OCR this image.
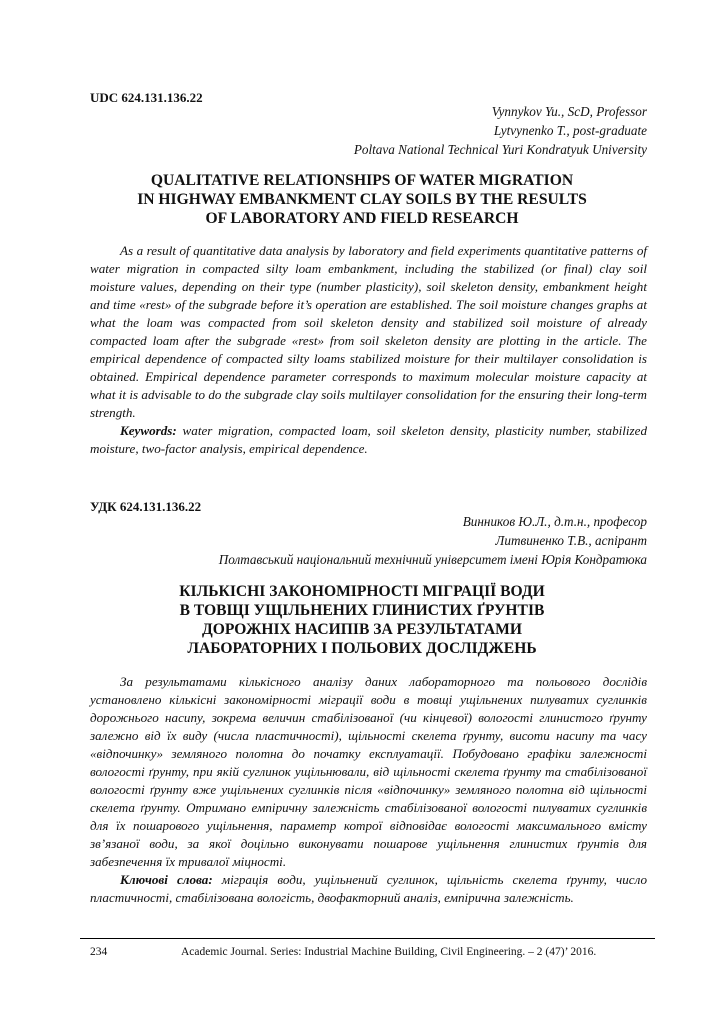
UDC 624.131.136.22
Vynnykov Yu., ScD, Professor
Lytvynenko T., post-graduate
Poltava National Technical Yuri Kondratyuk University
QUALITATIVE RELATIONSHIPS OF WATER MIGRATION
IN HIGHWAY EMBANKMENT CLAY SOILS BY THE RESULTS
OF LABORATORY AND FIELD RESEARCH

As a result of quantitative data analysis by laboratory and field experiments quantitative patterns of water migration in compacted silty loam embankment, including the stabilized (or final) clay soil moisture values, depending on their type (number plasticity), soil skeleton density, embankment height and time «rest» of the subgrade before it’s operation are established. The soil moisture changes graphs at what the loam was compacted from soil skeleton density and stabilized soil moisture of already compacted loam after the subgrade «rest» from soil skeleton density are plotting in the article. The empirical dependence of compacted silty loams stabilized moisture for their multilayer consolidation is obtained. Empirical dependence parameter corresponds to maximum molecular moisture capacity at what it is advisable to do the subgrade clay soils multilayer consolidation for the ensuring their long-term strength.

Keywords: water migration, compacted loam, soil skeleton density, plasticity number, stabilized moisture, two-factor analysis, empirical dependence.

УДК 624.131.136.22
Винников Ю.Л., д.т.н., професор
Литвиненко Т.В., аспірант
Полтавський національний технічний університет імені Юрія Кондратюка
КІЛЬКІСНІ ЗАКОНОМІРНОСТІ МІГРАЦІЇ ВОДИ
В ТОВЩІ УЩІЛЬНЕНИХ ГЛИНИСТИХ ҐРУНТІВ
ДОРОЖНІХ НАСИПІВ ЗА РЕЗУЛЬТАТАМИ
ЛАБОРАТОРНИХ І ПОЛЬОВИХ ДОСЛІДЖЕНЬ

За результатами кількісного аналізу даних лабораторного та польового дослідів установлено кількісні закономірності міграції води в товщі ущільнених пилуватих суглинків дорожнього насипу, зокрема величин стабілізованої (чи кінцевої) вологості глинистого ґрунту залежно від їх виду (числа пластичності), щільності скелета ґрунту, висоти насипу та часу «відпочинку» земляного полотна до початку експлуатації. Побудовано графіки залежності вологості ґрунту, при якій суглинок ущільнювали, від щільності скелета ґрунту та стабілізованої вологості ґрунту вже ущільнених суглинків після «відпочинку» земляного полотна від щільності скелета ґрунту. Отримано емпіричну залежність стабілізованої вологості пилуватих суглинків для їх пошарового ущільнення, параметр котрої відповідає вологості максимального вмісту зв’язаної води, за якої доцільно виконувати пошарове ущільнення глинистих ґрунтів для забезпечення їх тривалої міцності.

Ключові слова: міграція води, ущільнений суглинок, щільність скелета ґрунту, число пластичності, стабілізована вологість, двофакторний аналіз, емпірична залежність.

234	Academic Journal. Series: Industrial Machine Building, Civil Engineering. – 2 (47)’ 2016.
